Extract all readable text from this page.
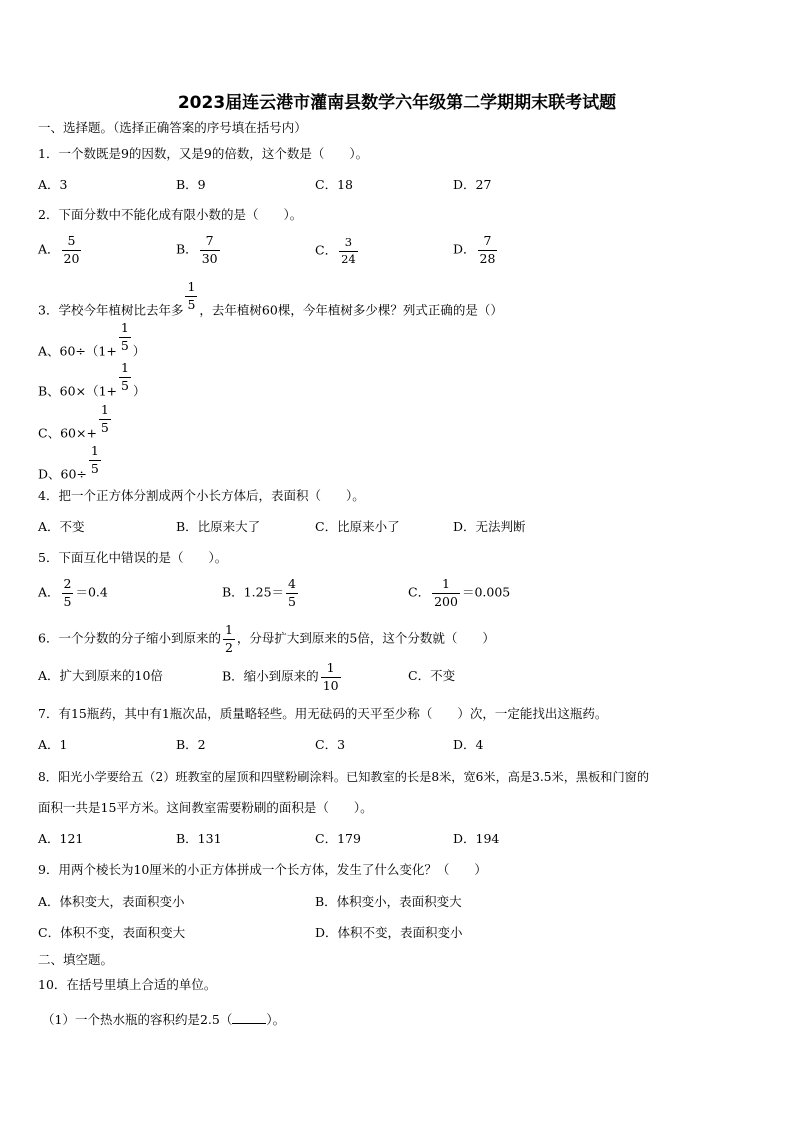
2023届连云港市灌南县数学六年级第二学期期末联考试题
一、选择题。（选择正确答案的序号填在括号内）
1．一个数既是9的因数，又是9的倍数，这个数是（　　）。
A．3	B．9	C．18	D．27
2．下面分数中不能化成有限小数的是（　　）。
A． $\frac{5}{20}$	B． $\frac{7}{30}$	C． $\frac{3}{24}$	D． $\frac{7}{28}$
3．学校今年植树比去年多 $\frac{1}{5}$ ，去年植树60棵，今年植树多少棵？列式正确的是（）
A、$60\div(1+ \frac{1}{5}$ ）
B、$60\times(1+ \frac{1}{5}$ ）
C、$60\times+ \frac{1}{5}$
D、$60\div \frac{1}{5}$
4．把一个正方体分割成两个小长方体后，表面积（　　）。
A．不变	B．比原来大了	C．比原来小了	D．无法判断
5．下面互化中错误的是（　　）。
A． $\frac{2}{5} =0.4$	B．$1.25= \frac{4}{5}$	C． $\frac{1}{200} =0.005$
6．一个分数的分子缩小到原来的 $\frac{1}{2}$ ，分母扩大到原来的5倍，这个分数就（　　）
A．扩大到原来的10倍	B．缩小到原来的 $\frac{1}{10}$	C．不变
7．有15瓶药，其中有1瓶次品，质量略轻些。用无砝码的天平至少称（　　）次，一定能找出这瓶药。
A．1	B．2	C．3	D．4
8．阳光小学要给五（2）班教室的屋顶和四壁粉刷涂料。已知教室的长是8米，宽6米，高是3.5米，黑板和门窗的
面积一共是15平方米。这间教室需要粉刷的面积是（　　）。
A．121	B．131	C．179	D．194
9．用两个棱长为10厘米的小正方体拼成一个长方体，发生了什么变化？（　　）
A．体积变大，表面积变小	B．体积变小，表面积变大
C．体积不变，表面积变大	D．体积不变，表面积变小
二、填空题。
10．在括号里填上合适的单位。
（1）一个热水瓶的容积约是2.5（	）。
